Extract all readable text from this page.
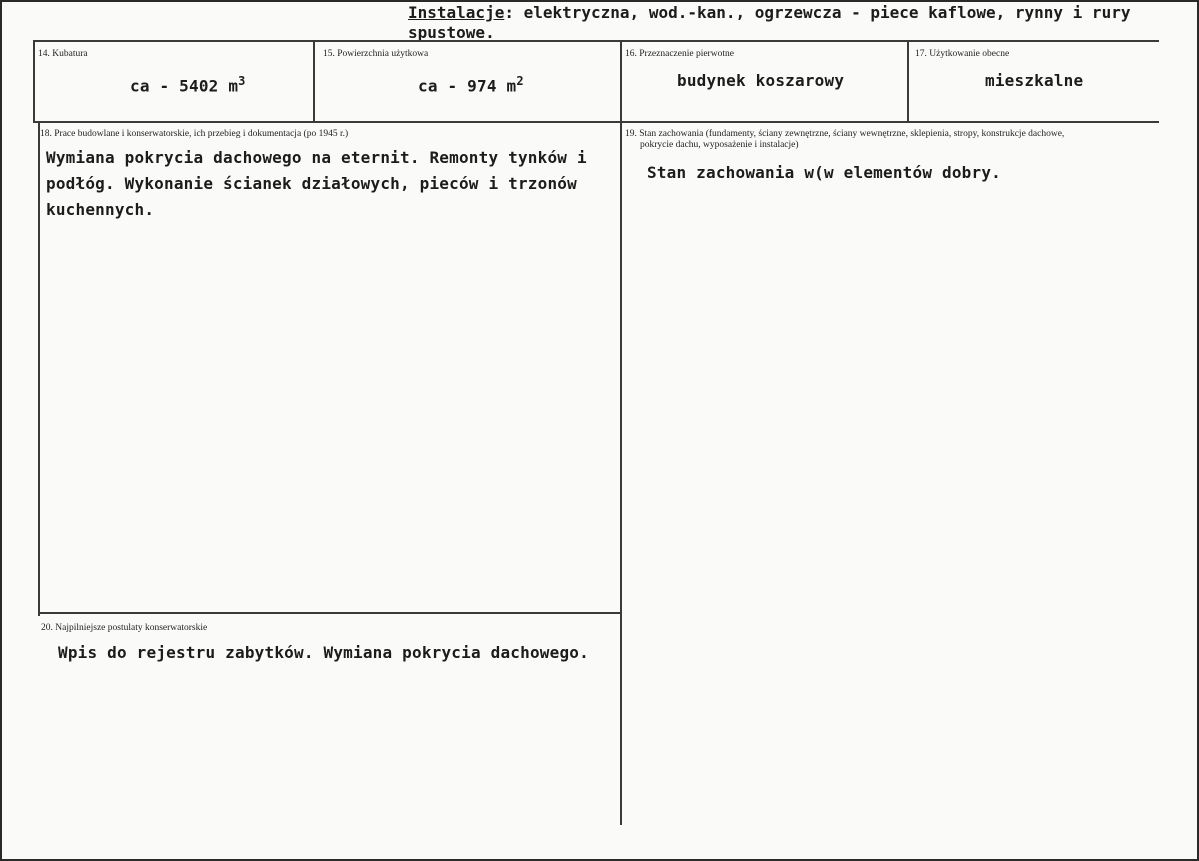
Instalacje: elektryczna, wod.-kan., ogrzewcza - piece kaflowe, rynny i rury
spustowe.
14. Kubatura
ca - 5402 $m^3$
15. Powierzchnia użytkowa
ca - 974 $m^2$
16. Przeznaczenie pierwotne
budynek koszarowy
17. Użytkowanie obecne
mieszkalne
18. Prace budowlane i konserwatorskie, ich przebieg i dokumentacja (po 1945 r.)
Wymiana pokrycia dachowego na eternit. Remonty tynków i
podłóg. Wykonanie ścianek działowych, pieców i trzonów
kuchennych.
19. Stan zachowania (fundamenty, ściany zewnętrzne, ściany wewnętrzne, sklepienia, stropy, konstrukcje dachowe,
pokrycie dachu, wyposażenie i instalacje)
Stan zachowania w(w elementów dobry.
20. Najpilniejsze postulaty konserwatorskie
Wpis do rejestru zabytków. Wymiana pokrycia dachowego.
